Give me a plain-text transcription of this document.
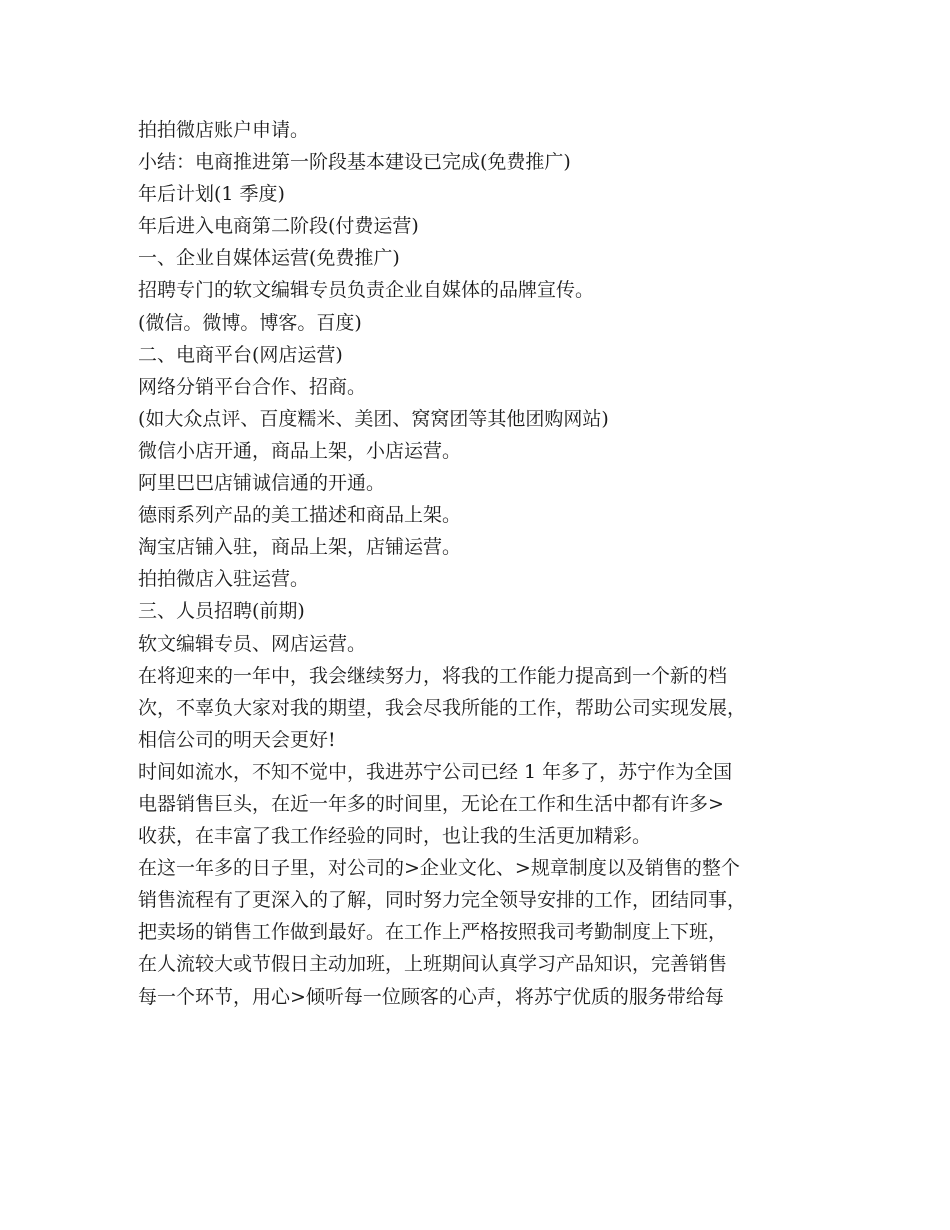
拍拍微店账户申请。
小结：电商推进第一阶段基本建设已完成(免费推广)
年后计划(1 季度)
年后进入电商第二阶段(付费运营)
一、企业自媒体运营(免费推广)
招聘专门的软文编辑专员负责企业自媒体的品牌宣传。
(微信。微博。博客。百度)
二、电商平台(网店运营)
网络分销平台合作、招商。
(如大众点评、百度糯米、美团、窝窝团等其他团购网站)
微信小店开通，商品上架，小店运营。
阿里巴巴店铺诚信通的开通。
德雨系列产品的美工描述和商品上架。
淘宝店铺入驻，商品上架，店铺运营。
拍拍微店入驻运营。
三、人员招聘(前期)
软文编辑专员、网店运营。
在将迎来的一年中，我会继续努力，将我的工作能力提高到一个新的档
次，不辜负大家对我的期望，我会尽我所能的工作，帮助公司实现发展，
相信公司的明天会更好!
时间如流水，不知不觉中，我进苏宁公司已经 1 年多了，苏宁作为全国
电器销售巨头，在近一年多的时间里，无论在工作和生活中都有许多>
收获，在丰富了我工作经验的同时，也让我的生活更加精彩。
在这一年多的日子里，对公司的>企业文化、>规章制度以及销售的整个
销售流程有了更深入的了解，同时努力完全领导安排的工作，团结同事，
把卖场的销售工作做到最好。在工作上严格按照我司考勤制度上下班，
在人流较大或节假日主动加班，上班期间认真学习产品知识，完善销售
每一个环节，用心>倾听每一位顾客的心声，将苏宁优质的服务带给每
